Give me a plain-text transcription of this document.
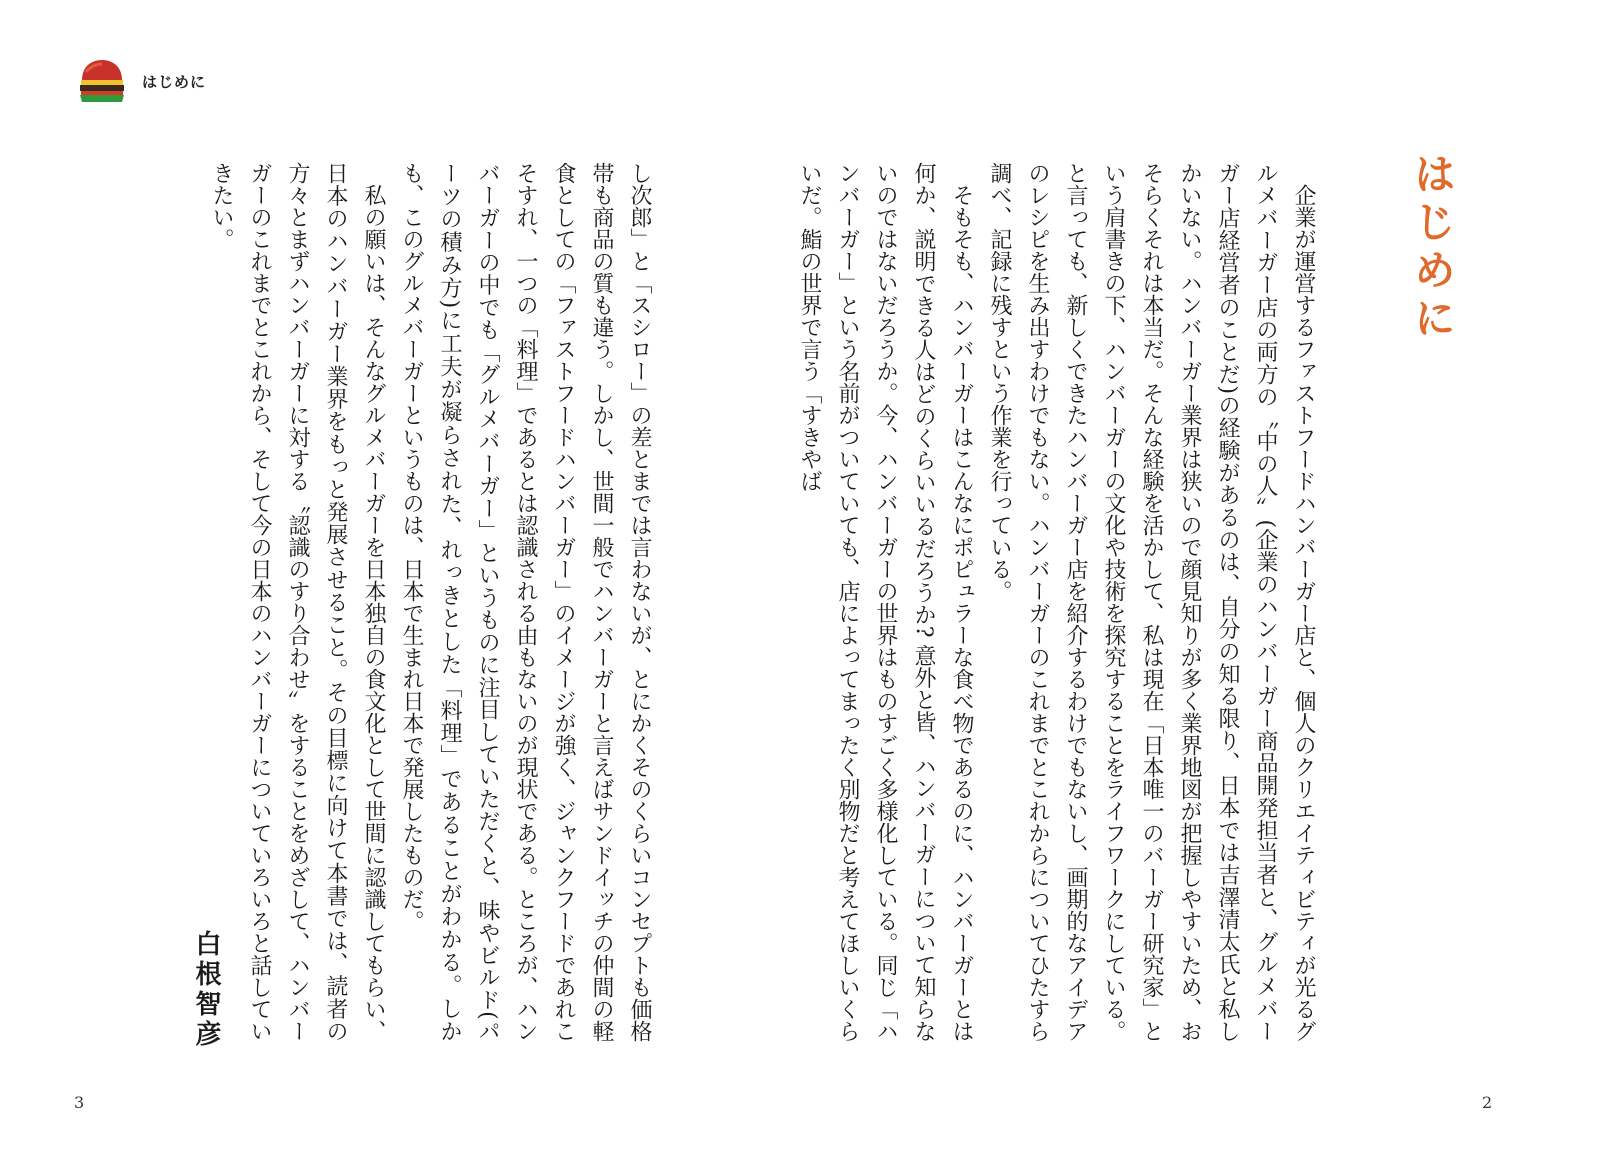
はじめに

し次郎」と「スシロー」の差とまでは言わないが、とにかくそのくらいコンセプトも価格帯も商品の質も違う。しかし、世間一般でハンバーガーと言えばサンドイッチの仲間の軽食としての「ファストフードハンバーガー」のイメージが強く、ジャンクフードであれこそすれ、一つの「料理」であるとは認識される由もないのが現状である。ところが、ハンバーガーの中でも「グルメバーガー」というものに注目していただくと、味やビルド(パーツの積み方)に工夫が凝らされた、れっきとした「料理」であることがわかる。しかも、このグルメバーガーというものは、日本で生まれ日本で発展したものだ。

私の願いは、そんなグルメバーガーを日本独自の食文化として世間に認識してもらい、日本のハンバーガー業界をもっと発展させること。その目標に向けて本書では、読者の方々とまずハンバーガーに対する〝認識のすり合わせ〟をすることをめざして、ハンバーガーのこれまでとこれから、そして今の日本のハンバーガーについていろいろと話していきたい。

白根智彦
3
はじめに

企業が運営するファストフードハンバーガー店と、個人のクリエイティビティが光るグルメバーガー店の両方の〝中の人〟(企業のハンバーガー商品開発担当者と、グルメバーガー店経営者のことだ)の経験があるのは、自分の知る限り、日本では吉澤清太氏と私しかいない。ハンバーガー業界は狭いので顔見知りが多く業界地図が把握しやすいため、おそらくそれは本当だ。そんな経験を活かして、私は現在「日本唯一のバーガー研究家」という肩書きの下、ハンバーガーの文化や技術を探究することをライフワークにしている。と言っても、新しくできたハンバーガー店を紹介するわけでもないし、画期的なアイデアのレシピを生み出すわけでもない。ハンバーガーのこれまでとこれからについてひたすら調べ、記録に残すという作業を行っている。

そもそも、ハンバーガーはこんなにポピュラーな食べ物であるのに、ハンバーガーとは何か、説明できる人はどのくらいいるだろうか? 意外と皆、ハンバーガーについて知らないのではないだろうか。今、ハンバーガーの世界はものすごく多様化している。同じ「ハンバーガー」という名前がついていても、店によってまったく別物だと考えてほしいくらいだ。鮨の世界で言う「すきやば

2
